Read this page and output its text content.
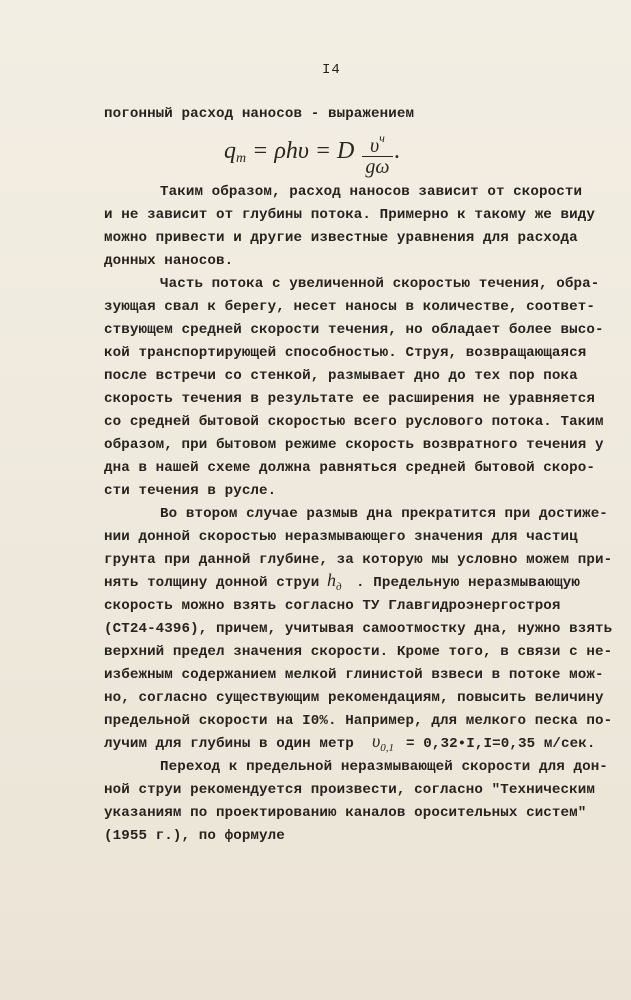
I4
погонный расход наносов - выражением
$q_т = \rho h\upsilon = D \frac{\upsilon^ч}{g\omega}$ .
Таким образом, расход наносов зависит от скорости
и не зависит от глубины потока. Примерно к такому же виду
можно привести и другие известные уравнения для расхода
донных наносов.
Часть потока с увеличенной скоростью течения, обра-
зующая свал к берегу, несет наносы в количестве, соответ-
ствующем средней скорости течения, но обладает более высо-
кой транспортирующей способностью. Струя, возвращающаяся
после встречи со стенкой, размывает дно до тех пор пока
скорость течения в результате ее расширения не уравняется
со средней бытовой скоростью всего руслового потока. Таким
образом, при бытовом режиме скорость возвратного течения у
дна в нашей схеме должна равняться средней бытовой скоро-
сти течения в русле.
Во втором случае размыв дна прекратится при достиже-
нии донной скоростью неразмывающего значения для частиц
грунта при данной глубине, за которую мы условно можем при-
нять толщину донной струи $h_д$ . Предельную неразмывающую
скорость можно взять согласно ТУ Главгидроэнергостроя
(СТ24-4396), причем, учитывая самоотмостку дна, нужно взять
верхний предел значения скорости. Кроме того, в связи с не-
избежным содержанием мелкой глинистой взвеси в потоке мож-
но, согласно существующим рекомендациям, повысить величину
предельной скорости на I0%. Например, для мелкого песка по-
лучим для глубины в один метр $\upsilon_{0,1}$ = 0,32•I,I=0,35 м/сек.
Переход к предельной неразмывающей скорости для дон-
ной струи рекомендуется произвести, согласно "Техническим
указаниям по проектированию каналов оросительных систем"
(1955 г.), по формуле
